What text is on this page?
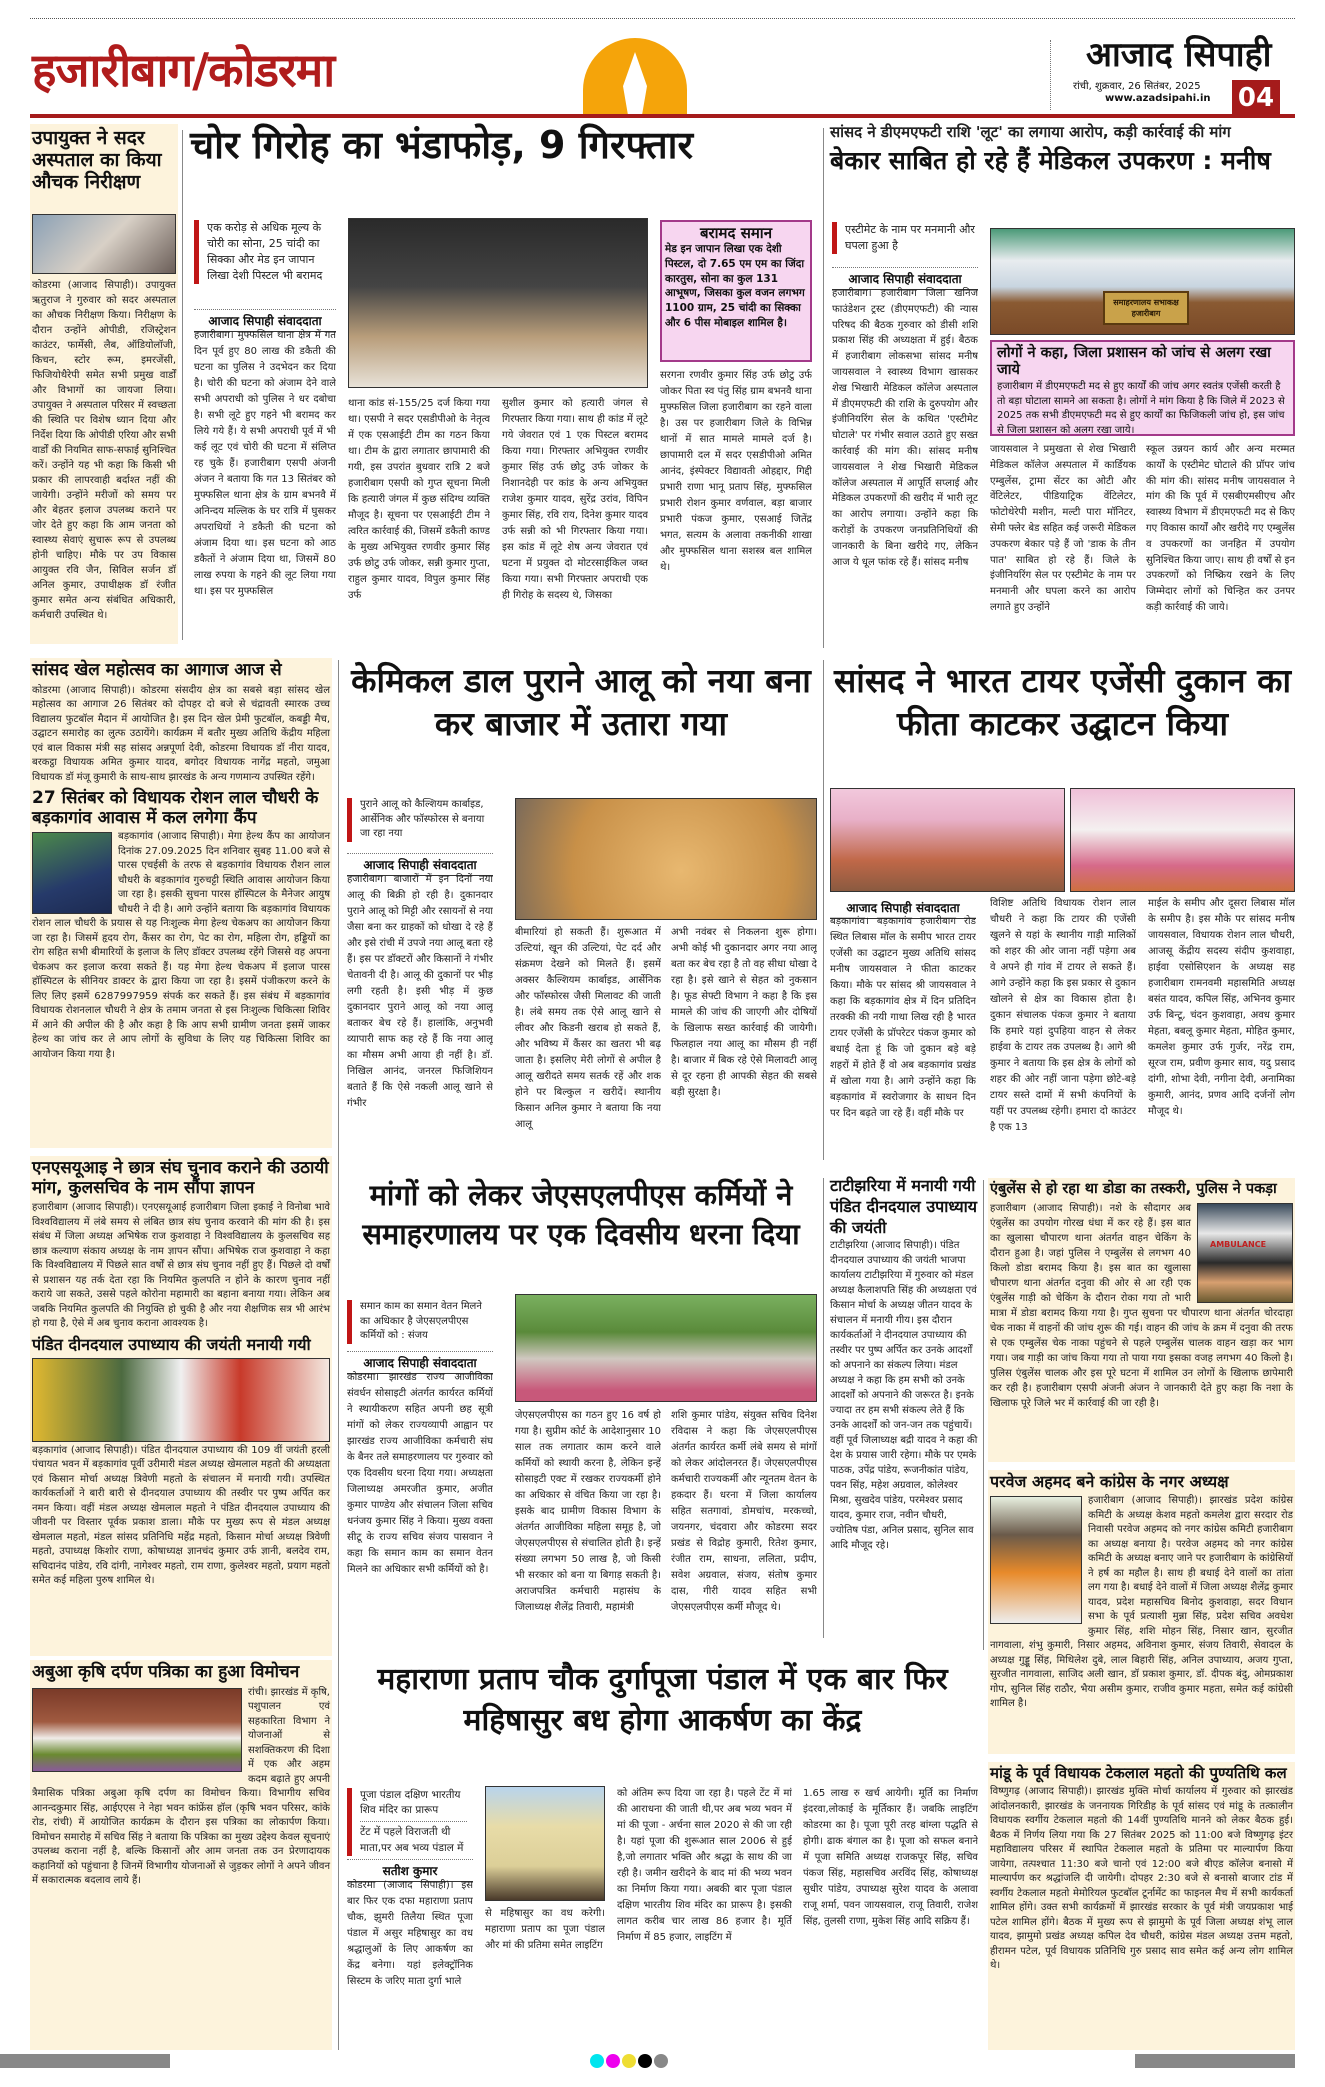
हजारीबाग/कोडरमा	आजाद सिपाही
रांची, शुक्रवार, 26 सितंबर, 2025
www.azadsipahi.in 04
उपायुक्त ने सदर अस्पताल का किया औचक निरीक्षण
कोडरमा (आजाद सिपाही)। उपायुक्त ऋतुराज ने गुरुवार को सदर अस्पताल का औचक निरीक्षण किया। निरीक्षण के दौरान उन्होंने ओपीडी, रजिस्ट्रेशन काउंटर, फार्मेसी, लैब, ऑडियोलॉजी, किचन, स्टोर रूम, इमरजेंसी, फिजियोथैरेपी समेत सभी प्रमुख वार्डों और विभागों का जायजा लिया। उपायुक्त ने अस्पताल परिसर में स्वच्छता की स्थिति पर विशेष ध्यान दिया और निर्देश दिया कि ओपीडी एरिया और सभी वार्डों की नियमित साफ-सफाई सुनिश्चित करें। उन्होंने यह भी कहा कि किसी भी प्रकार की लापरवाही बर्दाश्त नहीं की जायेगी। उन्होंने मरीजों को समय पर और बेहतर इलाज उपलब्ध कराने पर जोर देते हुए कहा कि आम जनता को स्वास्थ्य सेवाएं सुचारू रूप से उपलब्ध होनी चाहिए। मौके पर उप विकास आयुक्त रवि जैन, सिविल सर्जन डॉ अनिल कुमार, उपाधीक्षक डॉ रंजीत कुमार समेत अन्य संबंधित अधिकारी, कर्मचारी उपस्थित थे।
चोर गिरोह का भंडाफोड़, 9 गिरफ्तार
एक करोड़ से अधिक मूल्य के चोरी का सोना, 25 चांदी का सिक्का और मेड इन जापान लिखा देशी पिस्टल भी बरामद
आजाद सिपाही संवाददाता
हजारीबाग। मुफ्फसिल थाना क्षेत्र में गत दिन पूर्व हुए 80 लाख की डकैती की घटना का पुलिस ने उदभेदन कर दिया है। चोरी की घटना को अंजाम देने वाले सभी अपराधी को पुलिस ने धर दबोचा है। सभी लूटे हुए गहने भी बरामद कर लिये गये हैं। ये सभी अपराधी पूर्व में भी कई लूट एवं चोरी की घटना में संलिप्त रह चुके हैं। हजारीबाग एसपी अंजनी अंजन ने बताया कि गत 13 सितंबर को मुफ्फसिल थाना क्षेत्र के ग्राम बभनवै में अनिन्दय मल्लिक के घर रात्रि में घुसकर अपराधियों ने डकैती की घटना को अंजाम दिया था। इस घटना को आठ डकैतों ने अंजाम दिया था, जिसमें 80 लाख रुपया के गहने की लूट लिया गया था। इस पर मुफ्फसिल
थाना कांड सं-155/25 दर्ज किया गया था। एसपी ने सदर एसडीपीओ के नेतृत्व में एक एसआईटी टीम का गठन किया था। टीम के द्वारा लगातार छापामारी की गयी, इस उपरांत बुधवार रात्रि 2 बजे हजारीबाग एसपी को गुप्त सूचना मिली कि हत्यारी जंगल में कुछ संदिग्ध व्यक्ति मौजूद है। सूचना पर एसआईटी टीम ने त्वरित कार्रवाई की, जिसमें डकैती काण्ड के मुख्य अभियुक्त रणवीर कुमार सिंह उर्फ छोटु उर्फ जोकर, सन्नी कुमार गुप्ता, राहुल कुमार यादव, विपुल कुमार सिंह उर्फ
सुशील कुमार को हत्यारी जंगल से गिरफ्तार किया गया। साथ ही कांड में लूटे गये जेवरात एवं 1 एक पिस्टल बरामद किया गया। गिरफ्तार अभियुक्त रणवीर कुमार सिंह उर्फ छोटु उर्फ जोकर के निशानदेही पर कांड के अन्य अभियुक्त राजेश कुमार यादव, सुरेंद्र उरांव, विपिन कुमार सिंह, रवि राय, दिनेश कुमार यादव उर्फ सन्नी को भी गिरफ्तार किया गया। इस कांड में लूटे शेष अन्य जेवरात एवं घटना में प्रयुक्त दो मोटरसाईकिल जब्त किया गया। सभी गिरफ्तार अपराधी एक ही गिरोह के सदस्य थे, जिसका
बरामद समान
मेड इन जापान लिखा एक देशी पिस्टल, दो 7.65 एम एम का जिंदा कारतुस, सोना का कुल 131 आभूषण, जिसका कुल वजन लगभग 1100 ग्राम, 25 चांदी का सिक्का और 6 पीस मोबाइल शामिल है।
सरगना रणवीर कुमार सिंह उर्फ छोटु उर्फ जोकर पिता स्व पंतु सिंह ग्राम बभनवै थाना मुफ्फसिल जिला हजारीबाग का रहने वाला है। उस पर हजारीबाग जिले के विभिन्न थानों में सात मामले मामले दर्ज है। छापामारी दल में सदर एसडीपीओ अमित आनंद, इंस्पेक्टर विद्यावती ओहद्दार, गिद्दी प्रभारी राणा भानू प्रताप सिंह, मुफ्फसिल प्रभारी रोशन कुमार वर्णवाल, बड़ा बाजार प्रभारी पंकज कुमार, एसआई जितेंद्र भगत, सत्यम के अलावा तकनीकी शाखा और मुफ्फसिल थाना सशस्त्र बल शामिल थे।
सांसद ने डीएमएफटी राशि 'लूट' का लगाया आरोप, कड़ी कार्रवाई की मांग
बेकार साबित हो रहे हैं मेडिकल उपकरण : मनीष
एस्टीमेट के नाम पर मनमानी और घपला हुआ है
आजाद सिपाही संवाददाता
हजारीबाग। हजारीबाग जिला खनिज फाउंडेशन ट्रस्ट (डीएमएफटी) की न्यास परिषद की बैठक गुरुवार को डीसी शशि प्रकाश सिंह की अध्यक्षता में हुई। बैठक में हजारीबाग लोकसभा सांसद मनीष जायसवाल ने स्वास्थ्य विभाग खासकर शेख भिखारी मेडिकल कॉलेज अस्पताल में डीएमएफटी की राशि के दुरुपयोग और इंजीनियरिंग सेल के कथित 'एस्टीमेट घोटाले' पर गंभीर सवाल उठाते हुए सख्त कार्रवाई की मांग की। सांसद मनीष जायसवाल ने शेख भिखारी मेडिकल कॉलेज अस्पताल में आपूर्ति सप्लाई और मेडिकल उपकरणों की खरीद में भारी लूट का आरोप लगाया। उन्होंने कहा कि करोड़ों के उपकरण जनप्रतिनिधियों की जानकारी के बिना खरीदे गए, लेकिन आज ये धूल फांक रहे हैं। सांसद मनीष
समाहरणालय सभाकक्ष हजारीबाग
लोगों ने कहा, जिला प्रशासन को जांच से अलग रखा जाये
हजारीबाग में डीएमएफटी मद से हुए कार्यों की जांच अगर स्वतंत्र एजेंसी करती है तो बड़ा घोटाला सामने आ सकता है। लोगों ने मांग किया है कि जिले में 2023 से 2025 तक सभी डीएमएफटी मद से हुए कार्यों का फिजिकली जांच हो, इस जांच से जिला प्रशासन को अलग रखा जाये।
जायसवाल ने प्रमुखता से शेख भिखारी मेडिकल कॉलेज अस्पताल में कार्डियक एम्बुलेंस, ट्रामा सेंटर का ओटी और वेंटिलेटर, पीडियाट्रिक वेंटिलेटर, फोटोथेरेपी मशीन, मल्टी पारा मॉनिटर, सेमी फ्लेर बेड सहित कई जरूरी मेडिकल उपकरण बेकार पड़े हैं जो 'डाक के तीन पात' साबित हो रहे हैं। जिले के इंजीनियरिंग सेल पर एस्टीमेट के नाम पर मनमानी और घपला करने का आरोप लगाते हुए उन्होंने
स्कूल उन्नयन कार्य और अन्य मरम्मत कार्यों के एस्टीमेट घोटाले की प्रॉपर जांच की मांग की। सांसद मनीष जायसवाल ने मांग की कि पूर्व में एसबीएमसीएच और स्वास्थ्य विभाग में डीएमएफटी मद से किए गए विकास कार्यों और खरीदे गए एम्बुलेंस व उपकरणों का जनहित में उपयोग सुनिश्चित किया जाए। साथ ही वर्षों से इन उपकरणों को निष्क्रिय रखने के लिए जिम्मेदार लोगों को चिन्हित कर उनपर कड़ी कार्रवाई की जाये।
सांसद खेल महोत्सव का आगाज आज से
कोडरमा (आजाद सिपाही)। कोडरमा संसदीय क्षेत्र का सबसे बड़ा सांसद खेल महोत्सव का आगाज 26 सितंबर को दोपहर दो बजे से चंद्रावती स्मारक उच्च विद्यालय फुटबॉल मैदान में आयोजित है। इस दिन खेल प्रेमी फुटबॉल, कबड्डी मैच, उद्घाटन समारोह का लुत्फ उठायेंगे। कार्यक्रम में बतौर मुख्य अतिथि केंद्रीय महिला एवं बाल विकास मंत्री सह सांसद अन्नपूर्णा देवी, कोडरमा विधायक डॉ नीरा यादव, बरकट्ठा विधायक अमित कुमार यादव, बगोदर विधायक नागेंद्र महतो, जमुआ विधायक डॉ मंजू कुमारी के साथ-साथ झारखंड के अन्य गणमान्य उपस्थित रहेंगे।
27 सितंबर को विधायक रोशन लाल चौधरी के बड़कागांव आवास में कल लगेगा कैंप
बड़कागांव (आजाद सिपाही)। मेगा हेल्थ कैंप का आयोजन दिनांक 27.09.2025 दिन शनिवार सुबह 11.00 बजे से पारस एचईसी के तरफ से बड़कागांव विधायक रौशन लाल चौधरी के बड़कागांव गुरुचट्टी स्थिति आवास आयोजन किया जा रहा है। इसकी सुचना पारस हॉस्पिटल के मैनेजर आयुष चौधरी ने दी है। आगे उन्होंने बताया कि बड़कागांव विधायक रोशन लाल चौधरी के प्रयास से यह निःशुल्क मेगा हेल्थ चेकअप का आयोजन किया जा रहा है। जिसमें हृदय रोग, कैंसर का रोग, पेट का रोग, महिला रोग, हड्डियों का रोग सहित सभी बीमारियों के इलाज के लिए डॉक्टर उपलब्ध रहेंगे जिससे वह अपना चेकअप कर इलाज करवा सकते हैं। यह मेगा हेल्थ चेकअप में इलाज पारस हॉस्पिटल के सीनियर डाक्टर के द्वारा किया जा रहा है। इसमें पंजीकरण करने के लिए लिए इसमें 6287997959 संपर्क कर सकते हैं। इस संबंध में बड़कागांव विधायक रोशनलाल चौधरी ने क्षेत्र के तमाम जनता से इस निःशुल्क चिकित्सा शिविर में आने की अपील की है और कहा है कि आप सभी ग्रामीण जनता इसमें जाकर हेल्थ का जांच कर ले आप लोगों के सुविधा के लिए यह चिकित्सा शिविर का आयोजन किया गया है।
केमिकल डाल पुराने आलू को नया बना कर बाजार में उतारा गया
पुराने आलू को कैल्शियम कार्बाइड, आर्सेनिक और फॉस्फोरस से बनाया जा रहा नया
आजाद सिपाही संवाददाता
हजारीबाग। बाजारों में इन दिनों नया आलू की बिक्री हो रही है। दुकानदार पुराने आलू को मिट्टी और रसायनों से नया जैसा बना कर ग्राहकों को धोखा दे रहे हैं और इसे रांची में उपजे नया आलू बता रहे हैं। इस पर डॉक्टरों और किसानों ने गंभीर चेतावनी दी है। आलू की दुकानों पर भीड़ लगी रहती है। इसी भीड़ में कुछ दुकानदार पुराने आलू को नया आलू बताकर बेच रहे हैं। हालांकि, अनुभवी व्यापारी साफ कह रहे हैं कि नया आलू का मौसम अभी आया ही नहीं है। डॉ. निखिल आनंद, जनरल फिजिशियन बताते हैं कि ऐसे नकली आलू खाने से गंभीर
बीमारियां हो सकती हैं। शुरूआत में उल्टियां, खून की उल्टियां, पेट दर्द और संक्रमण देखने को मिलते हैं। इसमें अक्सर कैल्शियम कार्बाइड, आर्सेनिक और फॉस्फोरस जैसी मिलावट की जाती है। लंबे समय तक ऐसे आलू खाने से लीवर और किडनी खराब हो सकते हैं, और भविष्य में कैंसर का खतरा भी बढ़ जाता है। इसलिए मेरी लोगों से अपील है आलू खरीदते समय सतर्क रहें और शक होने पर बिल्कुल न खरीदें। स्थानीय किसान अनिल कुमार ने बताया कि नया आलू
अभी नवंबर से निकलना शुरू होगा। अभी कोई भी दुकानदार अगर नया आलू बता कर बेच रहा है तो वह सीधा धोखा दे रहा है। इसे खाने से सेहत को नुकसान है। फूड सेफ्टी विभाग ने कहा है कि इस मामले की जांच की जाएगी और दोषियों के खिलाफ सख्त कार्रवाई की जायेगी। फिलहाल नया आलू का मौसम ही नहीं है। बाजार में बिक रहे ऐसे मिलावटी आलू से दूर रहना ही आपकी सेहत की सबसे बड़ी सुरक्षा है।
सांसद ने भारत टायर एजेंसी दुकान का फीता काटकर उद्घाटन किया
आजाद सिपाही संवाददाता
बड़कागांव। बड़कागांव हजारीबाग रोड स्थित लिबास मॉल के समीप भारत टायर एजेंसी का उद्घाटन मुख्य अतिथि सांसद मनीष जायसवाल ने फीता काटकर किया। मौके पर सांसद श्री जायसवाल ने कहा कि बड़कागांव क्षेत्र में दिन प्रतिदिन तरक्की की नयी गाथा लिख रही है भारत टायर एजेंसी के प्रॉपरेटर पंकज कुमार को बधाई देता हूं कि जो दुकान बड़े बड़े शहरों में होते हैं वो अब बड़कागांव प्रखंड में खोला गया है। आगे उन्होंने कहा कि बड़कागांव में स्वरोजगार के साधन दिन पर दिन बढ़ते जा रहे हैं। वहीं मौके पर
विशिष्ट अतिथि विधायक रोशन लाल चौधरी ने कहा कि टायर की एजेंसी खुलने से यहां के स्थानीय गाड़ी मालिकों को शहर की ओर जाना नहीं पड़ेगा अब वे अपने ही गांव में टायर ले सकते हैं। आगे उन्होंने कहा कि इस प्रकार से दुकान खोलने से क्षेत्र का विकास होता है। दुकान संचालक पंकज कुमार ने बताया कि हमारे यहां दुपहिया वाहन से लेकर हाईवा के टायर तक उपलब्ध है। आगे श्री कुमार ने बताया कि इस क्षेत्र के लोगों को शहर की ओर नहीं जाना पड़ेगा छोटे-बड़े टायर सस्ते दामों में सभी कंपनियों के यहीं पर उपलब्ध रहेगी। हमारा दो काउंटर है एक 13
माईल के समीप और दूसरा लिबास मॉल के समीप है। इस मौके पर सांसद मनीष जायसवाल, विधायक रोशन लाल चौधरी, आजसू केंद्रीय सदस्य संदीप कुशवाहा, हाईवा एसोसिएशन के अध्यक्ष सह हजारीबाग रामनवमी महासमिति अध्यक्ष बसंत यादव, कपिल सिंह, अभिनव कुमार उर्फ बिन्टू, चंदन कुशवाहा, अवध कुमार मेहता, बबलू कुमार मेहता, मोहित कुमार, कमलेश कुमार उर्फ गुर्जर, नरेंद्र राम, सूरज राम, प्रवीण कुमार साव, यदु प्रसाद दांगी, शोभा देवी, नगीना देवी, अनामिका कुमारी, आनंद, प्रणव आदि दर्जनों लोग मौजूद थे।
एनएसयूआइ ने छात्र संघ चुनाव कराने की उठायी मांग, कुलसचिव के नाम सौंपा ज्ञापन
हजारीबाग (आजाद सिपाही)। एनएसयूआई हजारीबाग जिला इकाई ने विनोबा भावे विश्वविद्यालय में लंबे समय से लंबित छात्र संघ चुनाव करवाने की मांग की है। इस संबंध में जिला अध्यक्ष अभिषेक राज कुशवाहा ने विश्वविद्यालय के कुलसचिव सह छात्र कल्याण संकाय अध्यक्ष के नाम ज्ञापन सौंपा। अभिषेक राज कुशवाहा ने कहा कि विश्वविद्यालय में पिछले सात वर्षों से छात्र संघ चुनाव नहीं हुए हैं। पिछले दो वर्षों से प्रशासन यह तर्क देता रहा कि नियमित कुलपति न होने के कारण चुनाव नहीं कराये जा सकते, उससे पहले कोरोना महामारी का बहाना बनाया गया। लेकिन अब जबकि नियमित कुलपति की नियुक्ति हो चुकी है और नया शैक्षणिक सत्र भी आरंभ हो गया है, ऐसे में अब चुनाव कराना आवश्यक है।
पंडित दीनदयाल उपाध्याय की जयंती मनायी गयी
बड़कागांव (आजाद सिपाही)। पंडित दीनदयाल उपाध्याय की 109 वीं जयंती हरली पंचायत भवन में बड़कागांव पूर्वी उरीमारी मंडल अध्यक्ष खेमलाल महतो की अध्यक्षता एवं किसान मोर्चा अध्यक्ष त्रिवेणी महतो के संचालन में मनायी गयी। उपस्थित कार्यकर्ताओं ने बारी बारी से दीनदयाल उपाध्याय की तस्वीर पर पुष्प अर्पित कर नमन किया। वहीं मंडल अध्यक्ष खेमलाल महतो ने पंडित दीनदयाल उपाध्याय की जीवनी पर विस्तार पूर्वक प्रकाश डाला। मौके पर मुख्य रूप से मंडल अध्यक्ष खेमलाल महतो, मंडल सांसद प्रतिनिधि महेंद्र महतो, किसान मोर्चा अध्यक्ष त्रिवेणी महतो, उपाध्यक्ष किशोर राणा, कोषाध्यक्ष ज्ञानचंद कुमार उर्फ ज्ञानी, बलदेव राम, सचिदानंद पांडेय, रवि दांगी, नागेश्वर महतो, राम राणा, कुलेश्वर महतो, प्रयाग महतो समेत कई महिला पुरुष शामिल थे।
अबुआ कृषि दर्पण पत्रिका का हुआ विमोचन
रांची। झारखंड में कृषि, पशुपालन एवं सहकारिता विभाग ने योजनाओं से सशक्तिकरण की दिशा में एक और अहम कदम बढ़ाते हुए अपनी त्रैमासिक पत्रिका अबुआ कृषि दर्पण का विमोचन किया। विभागीय सचिव आनन्दकुमार सिंह, आईएएस ने नेहा भवन कांफ्रेंस हॉल (कृषि भवन परिसर, कांके रोड, रांची) में आयोजित कार्यक्रम के दौरान इस पत्रिका का लोकार्पण किया। विमोचन समारोह में सचिव सिंह ने बताया कि पत्रिका का मुख्य उद्देश्य केवल सूचनाएं उपलब्ध कराना नहीं है, बल्कि किसानों और आम जनता तक उन प्रेरणादायक कहानियों को पहुंचाना है जिनमें विभागीय योजनाओं से जुड़कर लोगों ने अपने जीवन में सकारात्मक बदलाव लाये हैं।
मांगों को लेकर जेएसएलपीएस कर्मियों ने समाहरणालय पर एक दिवसीय धरना दिया
समान काम का समान वेतन मिलने का अधिकार है जेएसएलपीएस कर्मियों को : संजय
आजाद सिपाही संवाददाता
कोडरमा। झारखंड राज्य आजीविका संवर्धन सोसाइटी अंतर्गत कार्यरत कर्मियों ने स्थायीकरण सहित अपनी छह सूत्री मांगों को लेकर राज्यव्यापी आह्वान पर झारखंड राज्य आजीविका कर्मचारी संघ के बैनर तले समाहरणालय पर गुरुवार को एक दिवसीय धरना दिया गया। अध्यक्षता जिलाध्यक्ष अमरजीत कुमार, अजीत कुमार पाण्डेय और संचालन जिला सचिव धनंजय कुमार सिंह ने किया। मुख्य वक्ता सीटू के राज्य सचिव संजय पासवान ने कहा कि समान काम का समान वेतन मिलने का अधिकार सभी कर्मियों को है।
जेएसएलपीएस का गठन हुए 16 वर्ष हो गया है। सुप्रीम कोर्ट के आदेशानुसार 10 साल तक लगातार काम करने वाले कर्मियों को स्थायी करना है, लेकिन इन्हें सोसाइटी एक्ट में रखकर राज्यकर्मी होने का अधिकार से वंचित किया जा रहा है। इसके बाद ग्रामीण विकास विभाग के अंतर्गत आजीविका महिला समूह है, जो जेएसएलपीएस से संचालित होती है। इन्हें संख्या लगभग 50 लाख है, जो किसी भी सरकार को बना या बिगाड़ सकती है। अराजपत्रित कर्मचारी महासंघ के जिलाध्यक्ष शैलेंद्र तिवारी, महामंत्री
शशि कुमार पांडेय, संयुक्त सचिव दिनेश रविदास ने कहा कि जेएसएलपीएस अंतर्गत कार्यरत कर्मी लंबे समय से मांगों को लेकर आंदोलनरत हैं। जेएसएलपीएस कर्मचारी राज्यकर्मी और न्यूनतम वेतन के हकदार हैं। धरना में जिला कार्यालय सहित सतगावां, डोमचांच, मरकच्चो, जयनगर, चंदवारा और कोडरमा सदर प्रखंड से विद्रोह कुमारी, रितेश कुमार, रंजीत राम, साधना, ललिता, प्रदीप, सवेश अग्रवाल, संजय, संतोष कुमार दास, गीरी यादव सहित सभी जेएसएलपीएस कर्मी मौजूद थे।
टाटीझरिया में मनायी गयी पंडित दीनदयाल उपाध्याय की जयंती
टाटीझरिया (आजाद सिपाही)। पंडित दीनदयाल उपाध्याय की जयंती भाजपा कार्यालय टाटीझरिया में गुरुवार को मंडल अध्यक्ष कैलाशपति सिंह की अध्यक्षता एवं किसान मोर्चा के अध्यक्ष जीतन यादव के संचालन में मनायी गीय। इस दौरान कार्यकर्ताओं ने दीनदयाल उपाध्याय की तस्वीर पर पुष्प अर्पित कर उनके आदर्शों को अपनाने का संकल्प लिया। मंडल अध्यक्ष ने कहा कि हम सभी को उनके आदर्शों को अपनाने की जरूरत है। इनके ज्यादा तर हम सभी संकल्प लेते हैं कि उनके आदर्शों को जन-जन तक पहुंचायें। वहीं पूर्व जिलाध्यक्ष बद्री यादव ने कहा की देश के प्रयास जारी रहेगा। मौके पर एमके पाठक, उपेंद्र पांडेय, रूजनीकांत पांडेय, पवन सिंह, महेश अग्रवाल, कोलेश्वर मिश्रा, सुखदेव पांडेय, परमेश्वर प्रसाद यादव, कुमार राज, नवीन चौधरी, ज्योतिष पंडा, अनिल प्रसाद, सुनिल साव आदि मौजूद रहे।
एंबुलेंस से हो रहा था डोडा का तस्करी, पुलिस ने पकड़ा
AMBULANCE
हजारीबाग (आजाद सिपाही)। नशे के सौदागर अब एंबुलेंस का उपयोग गोरख धंधा में कर रहे हैं। इस बात का खुलासा चौपारण थाना अंतर्गत वाहन चेकिंग के दौरान हुआ है। जहां पुलिस ने एम्बुलेंस से लगभग 40 किलो डोडा बरामद किया है। इस बात का खुलासा चौपारण थाना अंतर्गत दनुवा की ओर से आ रही एक एंबुलेंस गाड़ी को चेकिंग के दौरान रोका गया तो भारी मात्रा में डोडा बरामद किया गया है। गुप्त सुचना पर चौपारण थाना अंतर्गत चोरदाहा चेक नाका में वाहनों की जांच शुरू की गई। वाहन की जांच के क्रम में दनुवा की तरफ से एक एम्बुलेंस चेक नाका पहुंचने से पहले एम्बुलेंस चालक वाहन खड़ा कर भाग गया। जब गाड़ी का जांच किया गया तो पाया गया इसका वजह लगभग 40 किलो है। पुलिस एंबुलेंस चालक और इस पूरे घटना में शामिल उन लोगों के खिलाफ छापेमारी कर रही है। हजारीबाग एसपी अंजनी अंजन ने जानकारी देते हुए कहा कि नशा के खिलाफ पूरे जिले भर में कार्रवाई की जा रही है।
परवेज अहमद बने कांग्रेस के नगर अध्यक्ष
हजारीबाग (आजाद सिपाही)। झारखंड प्रदेश कांग्रेस कमिटी के अध्यक्ष केशव महतो कमलेश द्वारा सरदार रोड निवासी परवेज अहमद को नगर कांग्रेस कमिटी हजारीबाग का अध्यक्ष बनाया है। परवेज अहमद को नगर कांग्रेस कमिटी के अध्यक्ष बनाए जाने पर हजारीबाग के कांग्रेसियों ने हर्ष का महौल है। साथ ही बधाई देने वालों का तांता लग गया है। बधाई देने वालों में जिला अध्यक्ष शैलेंद्र कुमार यादव, प्रदेश महासचिव बिनोद कुशवाहा, सदर विधान सभा के पूर्व प्रत्याशी मुन्ना सिंह, प्रदेश सचिव अवधेश कुमार सिंह, शशि मोहन सिंह, निसार खान, सुरजीत नागवाला, शंभु कुमारी, निसार अहमद, अविनाश कुमार, संजय तिवारी, सेवादल के अध्यक्ष गुड्डू सिंह, मिथिलेश दुबे, लाल बिहारी सिंह, अनिल उपाध्याय, अजय गुप्ता, सुरजीत नागवाला, साजिद अली खान, डॉ प्रकाश कुमार, डॉ. दीपक बंदु, ओमप्रकाश गोप, सुनिल सिंह राठौर, भैया असीम कुमार, राजीव कुमार महता, समेत कई कांग्रेसी शामिल है।
मांडू के पूर्व विधायक टेकलाल महतो की पुण्यतिथि कल
विष्णुगढ़ (आजाद सिपाही)। झारखंड मुक्ति मोर्चा कार्यालय में गुरुवार को झारखंड आंदोलनकारी, झारखंड के जननायक गिरिडीह के पूर्व सांसद एवं मांडू के तत्कालीन विधायक स्वर्गीय टेकलाल महतो की 14वीं पुण्यतिथि मानने को लेकर बैठक हुई। बैठक में निर्णय लिया गया कि 27 सितंबर 2025 को 11:00 बजे विष्णुगढ़ इंटर महाविद्यालय परिसर में स्थापित टेकलाल महतो के प्रतिमा पर माल्यार्पण किया जायेगा, तत्पश्चात 11:30 बजे चानो एवं 12:00 बजे बीएड कॉलेज बनासो में माल्यार्पण कर श्रद्धांजलि दी जायेगी। दोपहर 2:30 बजे से बनासो बाजार टांड में स्वर्गीय टेकलाल महतो मेमोरियल फुटबॉल टूर्नामेंट का फाइनल मैच में सभी कार्यकर्ता शामिल होंगे। उक्त सभी कार्यक्रमों में झारखंड सरकार के पूर्व मंत्री जयप्रकाश भाई पटेल शामिल होंगे। बैठक में मुख्य रूप से झामुमो के पूर्व जिला अध्यक्ष शंभू लाल यादव, झामुमो प्रखंड अध्यक्ष कपिल देव चौधरी, कांग्रेस मंडल अध्यक्ष उत्तम महतो, हीरामन पटेल, पूर्व विधायक प्रतिनिधि गुरु प्रसाद साव समेत कई अन्य लोग शामिल थे।
महाराणा प्रताप चौक दुर्गापूजा पंडाल में एक बार फिर महिषासुर बध होगा आकर्षण का केंद्र
पूजा पंडाल दक्षिण भारतीय शिव मंदिर का प्रारूप
टेंट में पहले विराजती थी माता,पर अब भव्य पंडाल में
सतीश कुमार
कोडरमा (आजाद सिपाही)। इस बार फिर एक दफा महाराणा प्रताप चौक, झुमरी तिलैया स्थित पूजा पंडाल में असुर महिषासुर का वध श्रद्धालुओं के लिए आकर्षण का केंद्र बनेगा। यहां इलेक्ट्रॉनिक सिस्टम के जरिए माता दुर्गा भाले
से महिषासुर का वध करेगी। महाराणा प्रताप का पूजा पंडाल और मां की प्रतिमा समेत लाइटिंग
को अंतिम रूप दिया जा रहा है। पहले टेंट में मां की आराधना की जाती थी,पर अब भव्य भवन में मां की पूजा - अर्चना साल 2020 से की जा रही है। यहां पूजा की शुरूआत साल 2006 से हुई है,जो लगातार भक्ति और श्रद्धा के साथ की जा रही है। जमीन खरीदने के बाद मां की भव्य भवन का निर्माण किया गया। अबकी बार पूजा पंडाल दक्षिण भारतीय शिव मंदिर का प्रारूप है। इसकी लागत करीब चार लाख 86 हजार है। मूर्ति निर्माण में 85 हजार, लाइटिंग में
1.65 लाख रु खर्च आयेगी। मूर्ति का निर्माण इंदरवा,लोकाई के मूर्तिकार हैं। जबकि लाइटिंग कोडरमा का है। पूजा पूरी तरह बांग्ला पद्धति से होगी। ढाक बंगाल का है। पूजा को सफल बनाने में पूजा समिति अध्यक्ष राजकपूर सिंह, सचिव पंकज सिंह, महासचिव अरविंद सिंह, कोषाध्यक्ष सुधीर पांडेय, उपाध्यक्ष सुरेश यादव के अलावा राजू शर्मा, पवन जायसवाल, राजू तिवारी, राजेश सिंह, तुलसी राणा, मुकेश सिंह आदि सक्रिय हैं।
